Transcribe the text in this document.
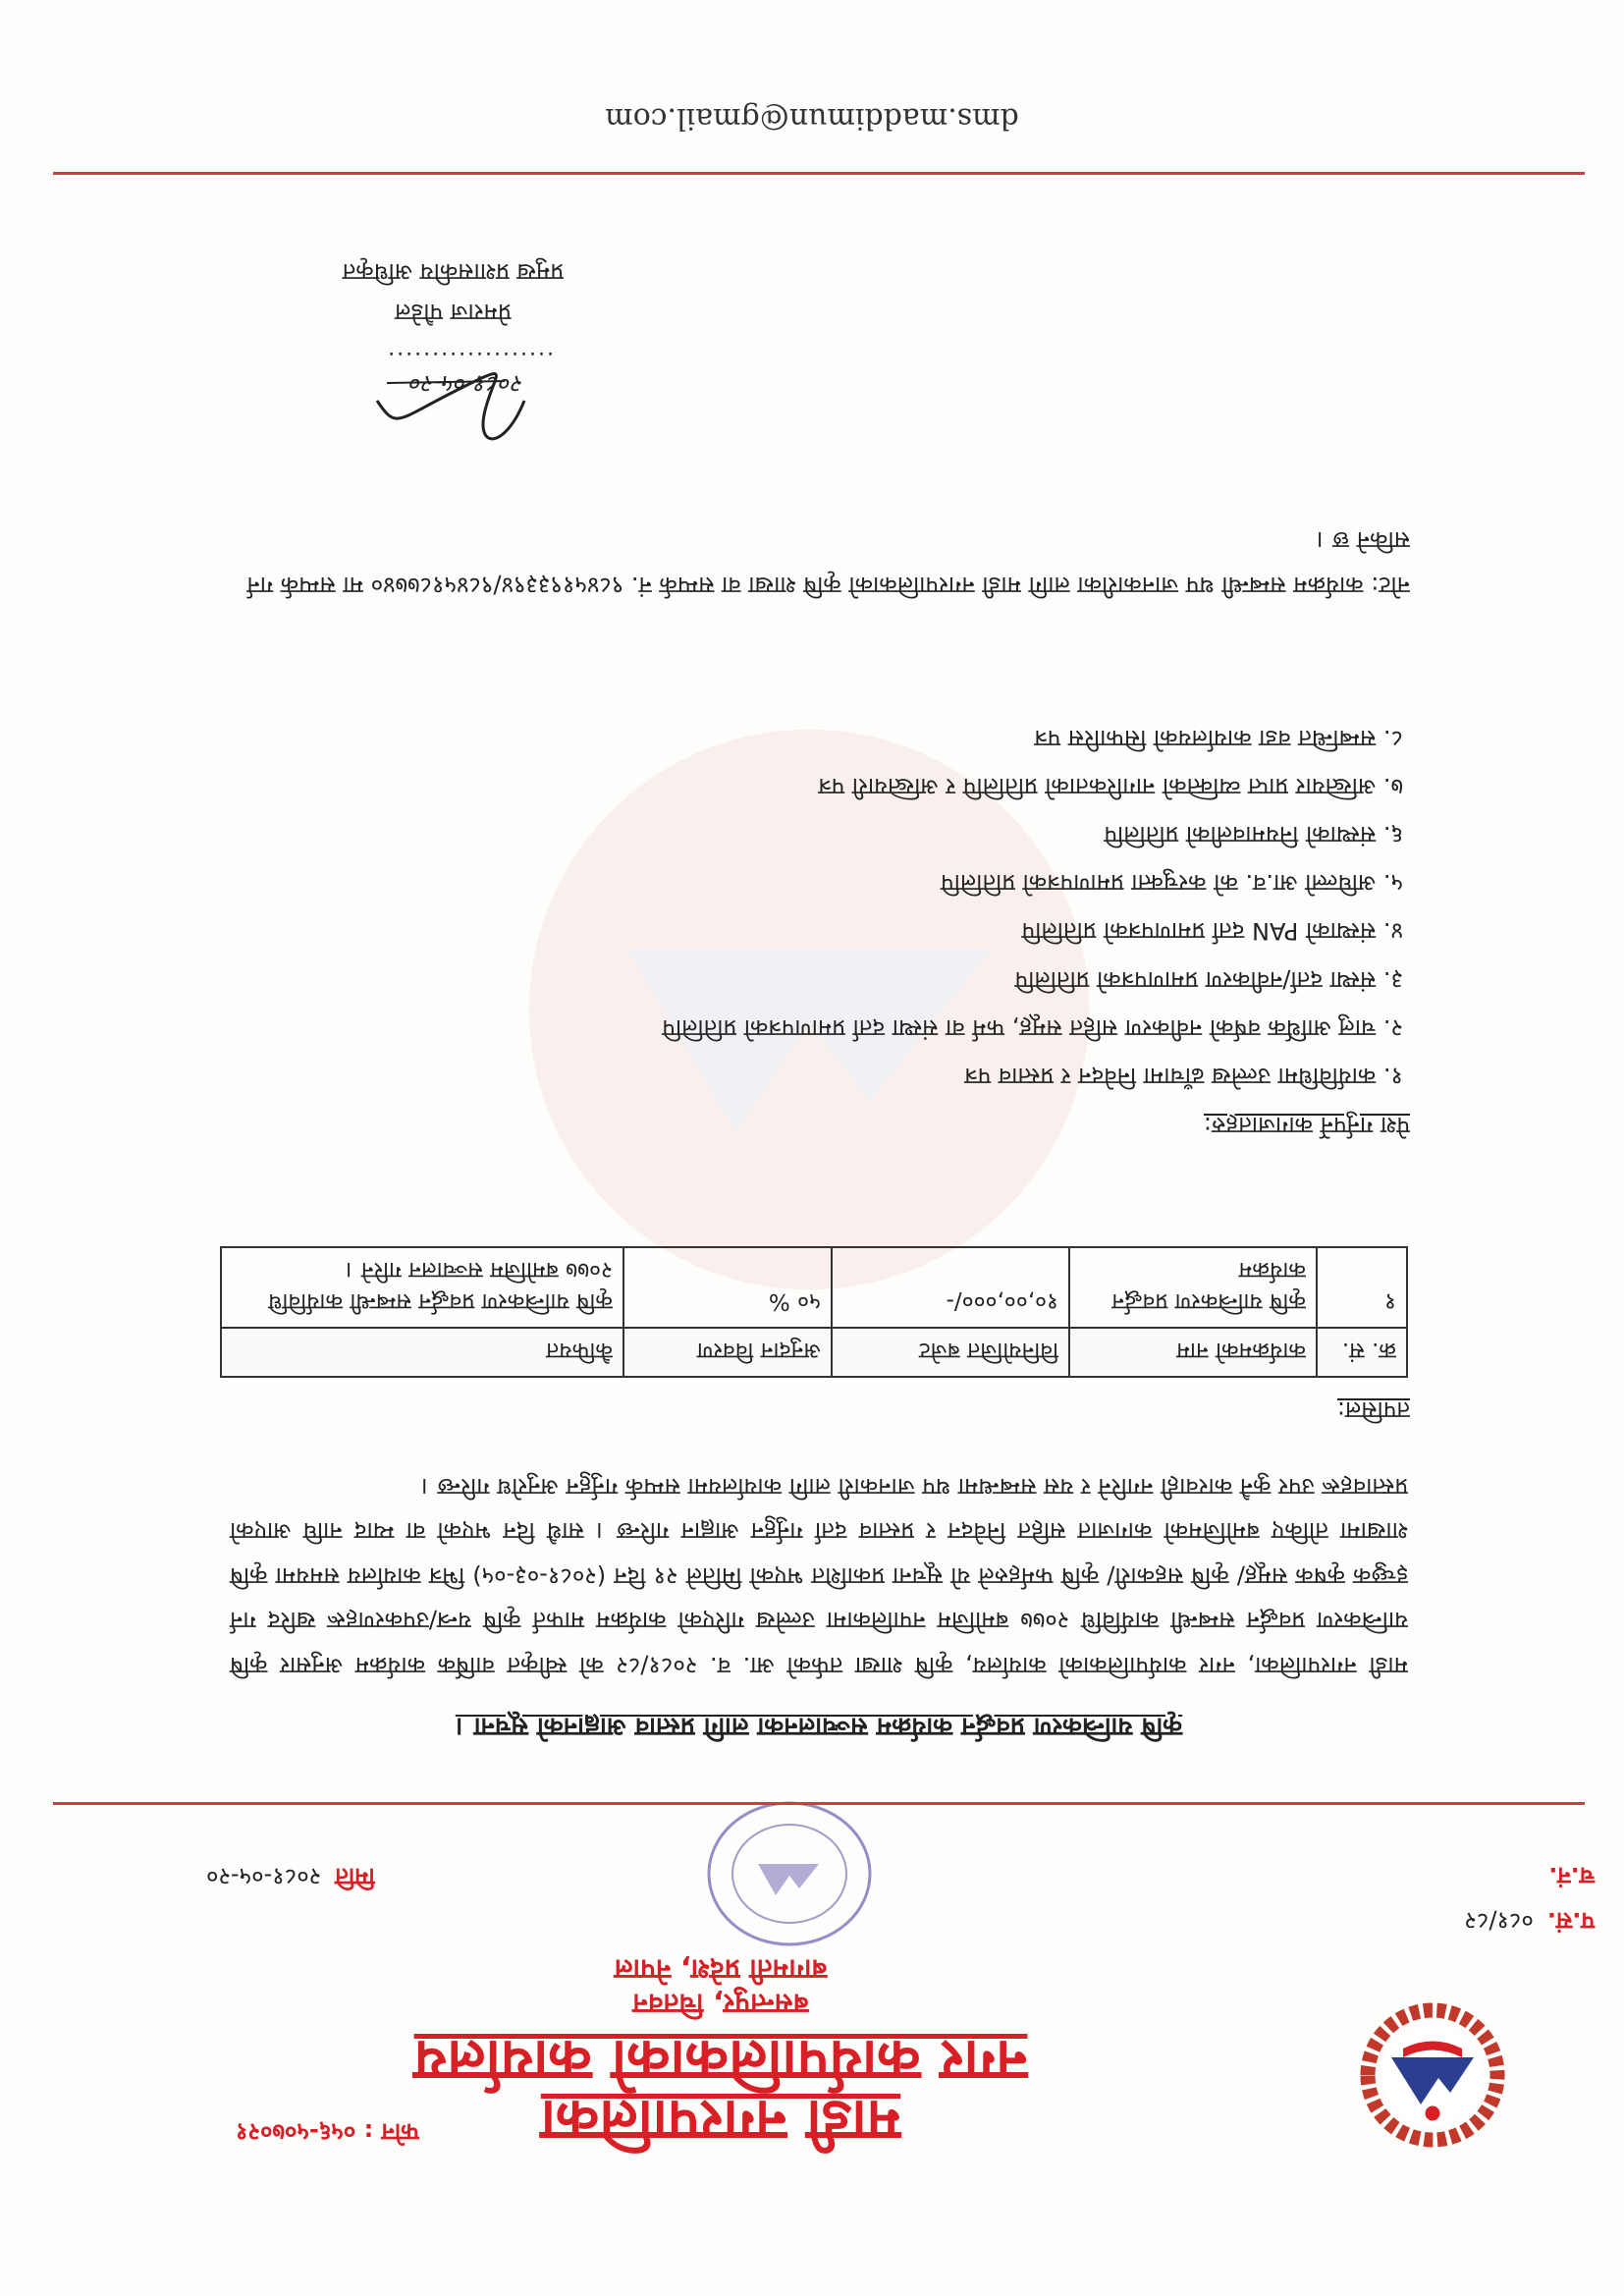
माडी नगरपालिका
नगर कार्यपालिकाको कार्यालय
बसन्तपुर, चितवन
बागमती प्रदेश, नेपाल
फोन : ०५६-५०७०२१
प.सं.०८१/८२
च.नं.
मिति२०८१-०५-२०
कृषि यान्त्रिकरण प्रवर्द्धन कार्यक्रम सञ्चालनका लागि प्रस्ताव आह्वानको सूचना ।
माडी नगरपालिका, नगर कार्यपालिकाको कार्यालय, कृषि शाखा तर्फको आ. व. २०८१/८२ को स्वीकृत वार्षिक कार्यक्रम अनुसार कृषि यान्त्रिकरण प्रवर्द्धन सम्बन्धी कार्यविधि २०७७ बमोजिम नपालिकामा उल्लेख गरिएको कार्यक्रम माफर्त कृषि यन्त्र/उपकरणहरू खरिद गर्न इच्छुक कृषक समूह/ कृषि सहकारी/ कृषि फर्महरुले यो सूचना प्रकाशित भएको मितिले २१ दिन (२०८१-०३-०५) भित्र कार्यालय समयमा कृषि शाखामा तोकिए बमोजिमको कागजात सहित निवेदन र प्रस्ताव दर्ता गर्नुहुन आह्वान गरिन्छ । साथै दिन भएको वा म्याद नाघि आएको प्रस्तावहरू उपर कुनै कारवाही नगरिने र यस सम्बन्धमा थप जानकारी लागि कार्यालयमा सम्पर्क गर्नुहुन अनुरोध गरिन्छ ।
तपसिल:
क्र. सं.	कार्यक्रमको नाम	विनियोजित बजेट	अनुदान विवरण	कैफियत
१	कृषि यान्त्रिकरण प्रवर्द्धन कार्यक्रम	१०,००,०००/-	५० %	कृषि यान्त्रिकरण प्रवर्द्धन सम्बन्धी कार्यविधि २०७७ बमोजिम सञ्चालन गरिने ।
पेश गर्नुपर्ने कागजातहरु:
१. कार्यविधिमा उल्लेख ढाँचामा निवेदन र प्रस्ताव पत्र
२. चालु आर्थिक वर्षको नवीकरण सहित समूह, फर्म वा संस्था दर्ता प्रमाणपत्रको प्रतिलिपि
३. संस्था दर्ता/नवीकरण प्रमाणपत्रको प्रतिलिपि
४. संस्थाको PAN दर्ता प्रमाणपत्रको प्रतिलिपि
५. अघिल्लो आ.व. को करचुक्ता प्रमाणपत्रको प्रतिलिपि
६. संस्थाको नियमावलीको प्रतिलिपि
७. अख्तियार प्राप्त व्यक्तिको नागरिकताको प्रतिलिपि र अख्तियारी पत्र
८. सम्बन्धित वडा कार्यालयको सिफारिस पत्र
नोट: कार्यक्रम सम्बन्धी थप जानकारीका लागि माडी नगरपालिकाको कृषि शाखा वा सम्पर्क नं. ९८४५१९३३९४/९८४५१८७७४० मा सम्पर्क गर्न सकिने छ ।
२०८१-०५-२०
...................
प्रेमराज पौडेल
प्रमुख प्रशासकीय अधिकृत
dms.maddimun@gmail.com
